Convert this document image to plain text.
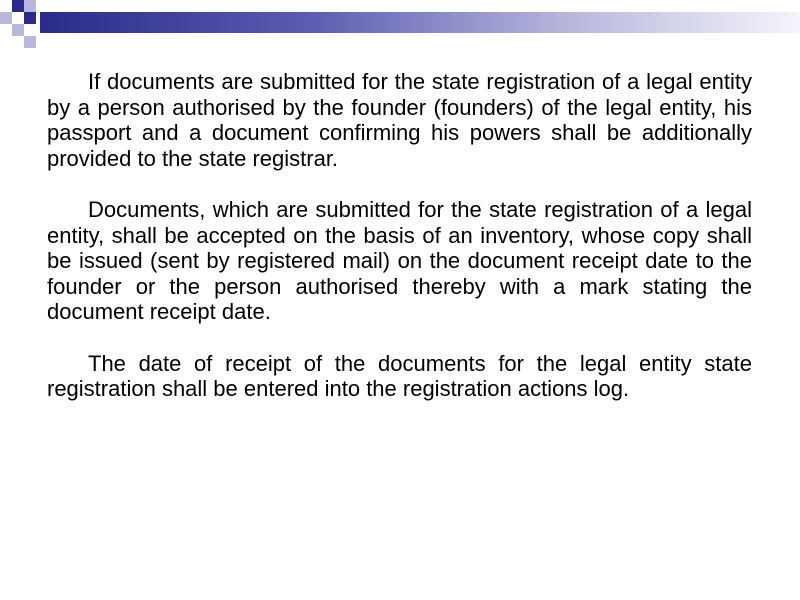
If documents are submitted for the state registration of a legal entity by a person authorised by the founder (founders) of the legal entity, his passport and a document confirming his powers shall be additionally provided to the state registrar.

Documents, which are submitted for the state registration of a legal entity, shall be accepted on the basis of an inventory, whose copy shall be issued (sent by registered mail) on the document receipt date to the founder or the person authorised thereby with a mark stating the document receipt date.

The date of receipt of the documents for the legal entity state registration shall be entered into the registration actions log.
